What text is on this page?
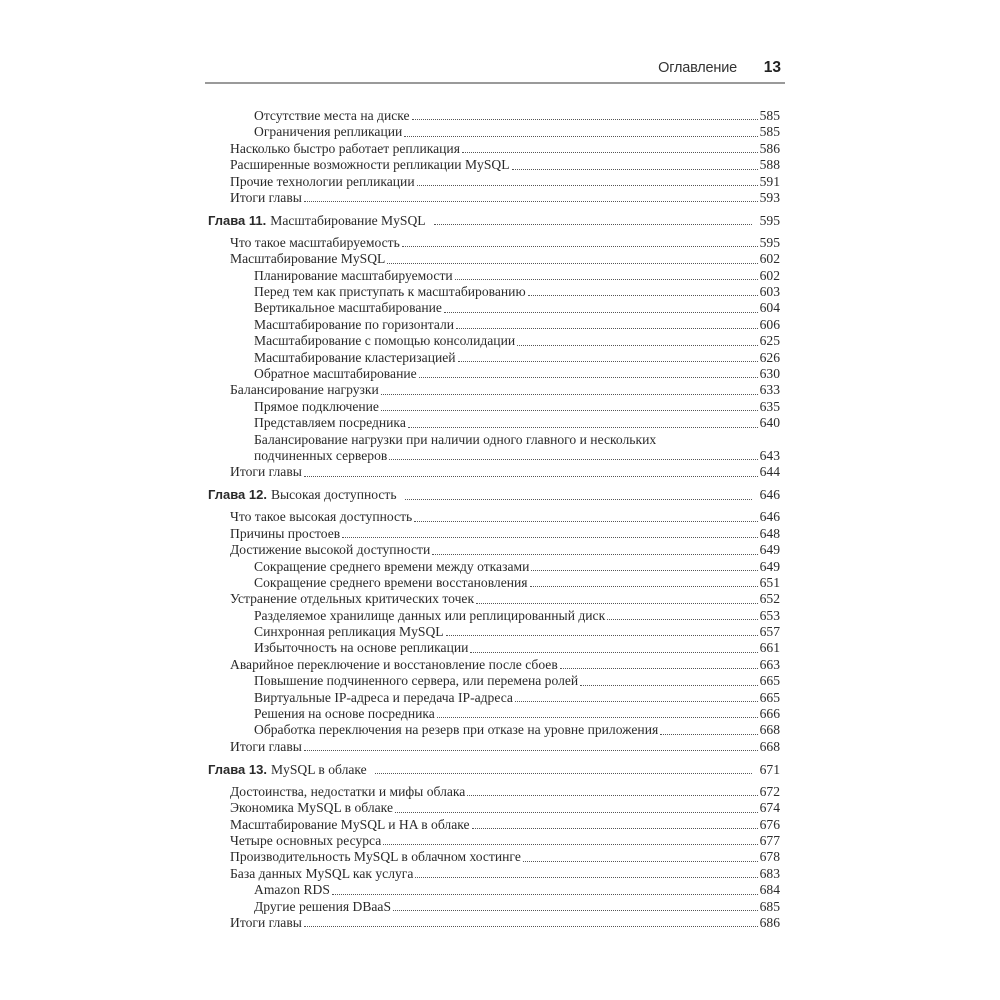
Оглавление 13
Отсутствие места на диске	585
Ограничения репликации	585
Насколько быстро работает репликация	586
Расширенные возможности репликации MySQL	588
Прочие технологии репликации	591
Итоги главы	593
Глава 11. Масштабирование MySQL	595
Что такое масштабируемость	595
Масштабирование MySQL	602
Планирование масштабируемости	602
Перед тем как приступать к масштабированию	603
Вертикальное масштабирование	604
Масштабирование по горизонтали	606
Масштабирование с помощью консолидации	625
Масштабирование кластеризацией	626
Обратное масштабирование	630
Балансирование нагрузки	633
Прямое подключение	635
Представляем посредника	640
Балансирование нагрузки при наличии одного главного и нескольких
подчиненных серверов	643
Итоги главы	644
Глава 12. Высокая доступность	646
Что такое высокая доступность	646
Причины простоев	648
Достижение высокой доступности	649
Сокращение среднего времени между отказами	649
Сокращение среднего времени восстановления	651
Устранение отдельных критических точек	652
Разделяемое хранилище данных или реплицированный диск	653
Синхронная репликация MySQL	657
Избыточность на основе репликации	661
Аварийное переключение и восстановление после сбоев	663
Повышение подчиненного сервера, или перемена ролей	665
Виртуальные IP-адреса и передача IP-адреса	665
Решения на основе посредника	666
Обработка переключения на резерв при отказе на уровне приложения	668
Итоги главы	668
Глава 13. MySQL в облаке	671
Достоинства, недостатки и мифы облака	672
Экономика MySQL в облаке	674
Масштабирование MySQL и HA в облаке	676
Четыре основных ресурса	677
Производительность MySQL в облачном хостинге	678
База данных MySQL как услуга	683
Amazon RDS	684
Другие решения DBaaS	685
Итоги главы	686
